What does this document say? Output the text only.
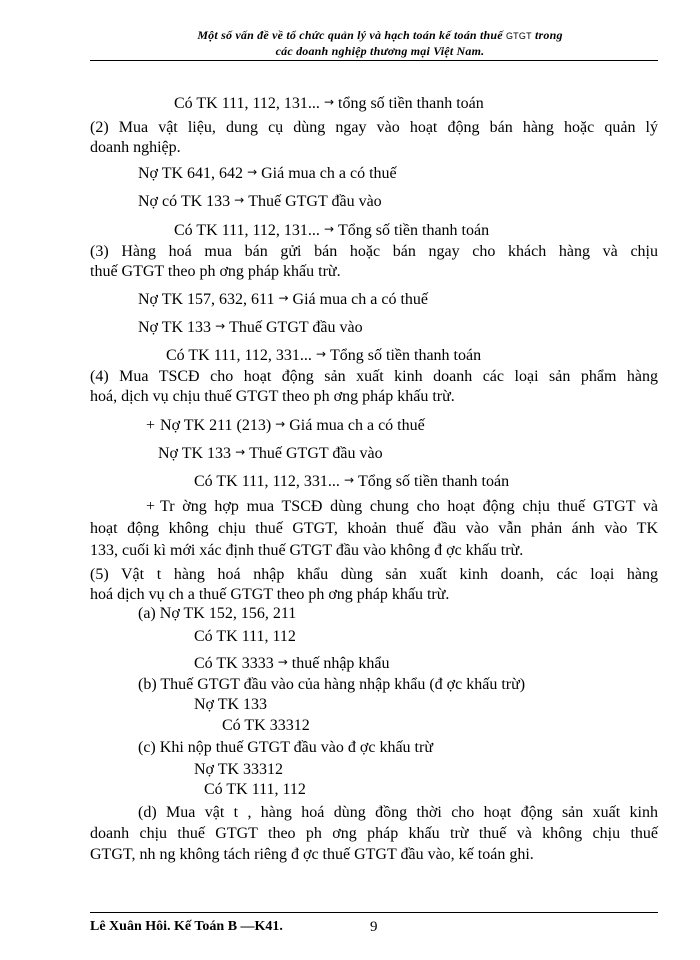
Một số vấn đề về tổ chức quản lý và hạch toán kế toán thuế GTGT trong
các doanh nghiệp thương mại Việt Nam.
Có TK 111, 112, 131... → tổng số tiền thanh toán
(2) Mua vật liệu, dung cụ dùng ngay vào hoạt động bán hàng hoặc quản lý
doanh nghiệp.
Nợ TK 641, 642 → Giá mua ch a có thuế
Nợ có TK 133 → Thuế GTGT đầu vào
Có TK 111, 112, 131... → Tổng số tiền thanh toán
(3) Hàng hoá mua bán gửi bán hoặc bán ngay cho khách hàng và chịu
thuế GTGT theo ph ơng pháp khấu trừ.
Nợ TK 157, 632, 611 → Giá mua ch a có thuế
Nợ TK 133 → Thuế GTGT đầu vào
Có TK 111, 112, 331... → Tổng số tiền thanh toán
(4) Mua TSCĐ cho hoạt động sản xuất kinh doanh các loại sản phẩm hàng
hoá, dịch vụ chịu thuế GTGT theo ph ơng pháp khấu trừ.
+ Nợ TK 211 (213) → Giá mua ch a có thuế
Nợ TK 133 → Thuế GTGT đầu vào
Có TK 111, 112, 331... → Tổng số tiền thanh toán
+ Tr ờng hợp mua TSCĐ dùng chung cho hoạt động chịu thuế GTGT và
hoạt động không chịu thuế GTGT, khoản thuế đầu vào vẫn phản ánh vào TK
133, cuối kì mới xác định thuế GTGT đầu vào không đ ợc khấu trừ.
(5) Vật t hàng hoá nhập khẩu dùng sản xuất kinh doanh, các loại hàng
hoá dịch vụ ch a thuế GTGT theo ph ơng pháp khấu trừ.
(a) Nợ TK 152, 156, 211
Có TK 111, 112
Có TK 3333 → thuế nhập khẩu
(b) Thuế GTGT đầu vào của hàng nhập khẩu (đ ợc khấu trừ)
Nợ TK 133
Có TK 33312
(c) Khi nộp thuế GTGT đầu vào đ ợc khấu trừ
Nợ TK 33312
Có TK 111, 112
(d) Mua vật t , hàng hoá dùng đồng thời cho hoạt động sản xuất kinh
doanh chịu thuế GTGT theo ph ơng pháp khấu trừ thuế và không chịu thuế
GTGT, nh ng không tách riêng đ ợc thuế GTGT đầu vào, kế toán ghi.
Lê Xuân Hôi. Kế Toán B —K41.	9
